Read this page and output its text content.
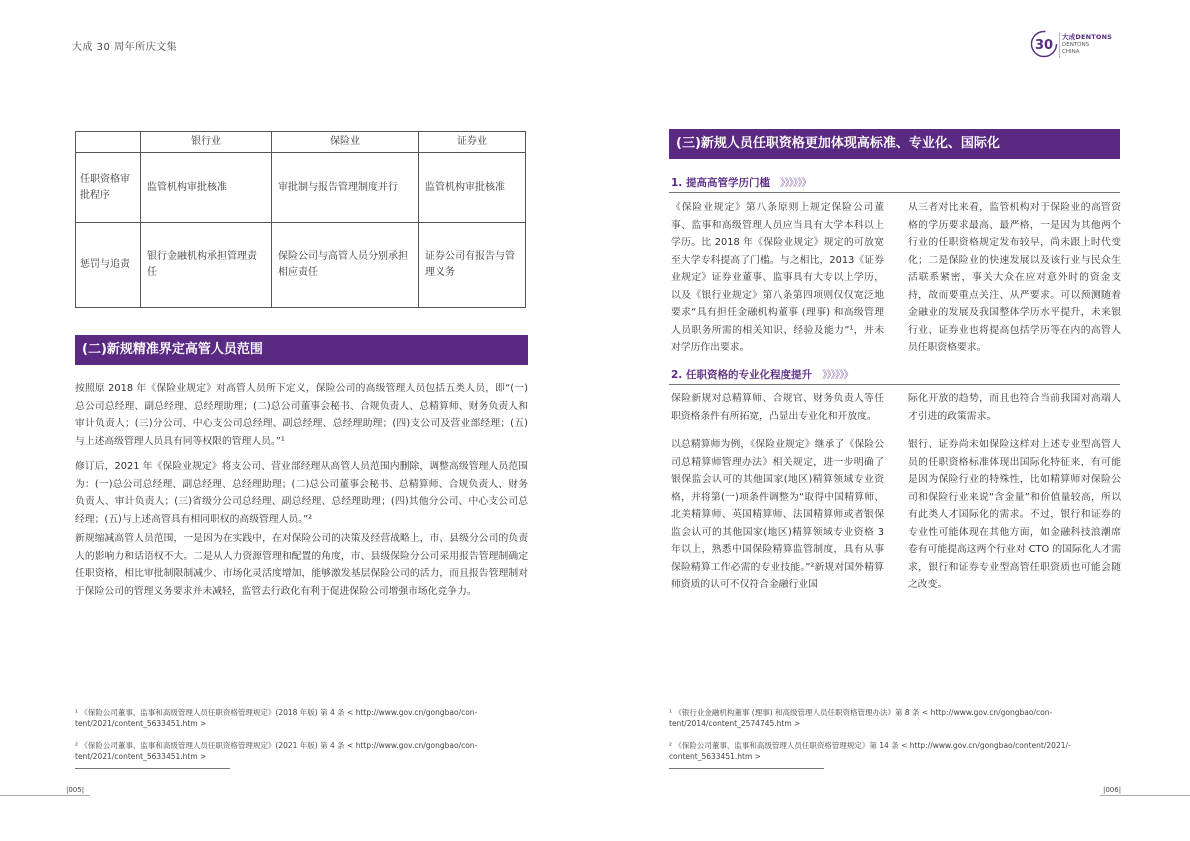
大成 30 周年所庆文集	30
大成DENTONS
DENTONS
CHINA
	银行业	保险业	证券业
任职资格审批程序	监管机构审批核准	审批制与报告管理制度并行	监管机构审批核准
惩罚与追责	银行金融机构承担管理责任	保险公司与高管人员分别承担相应责任	证券公司有报告与管理义务
(二)新规精准界定高管人员范围

按照原 2018 年《保险业规定》对高管人员所下定义，保险公司的高级管理人员包括五类人员，即“(一)总公司总经理、副总经理、总经理助理；(二)总公司董事会秘书、合规负责人、总精算师、财务负责人和审计负责人；(三)分公司、中心支公司总经理、副总经理、总经理助理；(四)支公司及营业部经理；(五)与上述高级管理人员具有同等权限的管理人员。”¹

修订后，2021 年《保险业规定》将支公司、营业部经理从高管人员范围内删除，调整高级管理人员范围为：(一)总公司总经理、副总经理、总经理助理；(二)总公司董事会秘书、总精算师、合规负责人、财务负责人、审计负责人；(三)省级分公司总经理、副总经理、总经理助理；(四)其他分公司、中心支公司总经理；(五)与上述高管具有相同职权的高级管理人员。”²

新规缩减高管人员范围，一是因为在实践中，在对保险公司的决策及经营战略上，市、县级分公司的负责人的影响力和话语权不大。二是从人力资源管理和配置的角度，市、县级保险分公司采用报告管理制确定任职资格，相比审批制限制减少、市场化灵活度增加，能够激发基层保险公司的活力，而且报告管理制对于保险公司的管理义务要求并未减轻，监管去行政化有利于促进保险公司增强市场化竞争力。

¹ 《保险公司董事、监事和高级管理人员任职资格管理规定》(2018 年版) 第 4 条 < http://www.gov.cn/gongbao/con-
tent/2021/content_5633451.htm >
² 《保险公司董事、监事和高级管理人员任职资格管理规定》(2021 年版) 第 4 条 < http://www.gov.cn/gongbao/con-
tent/2021/content_5633451.htm >
|005|
(三)新规人员任职资格更加体现高标准、专业化、国际化
1. 提高高管学历门槛 》》》》》》

《保险业规定》第八条原则上规定保险公司董事、监事和高级管理人员应当具有大学本科以上学历。比 2018 年《保险业规定》规定的可放宽至大学专科提高了门槛。与之相比，2013《证券业规定》证券业董事、监事具有大专以上学历，以及《银行业规定》第八条第四项则仅仅宽泛地要求“具有担任金融机构董事 (理事) 和高级管理人员职务所需的相关知识、经验及能力”¹，并未对学历作出要求。

从三者对比来看，监管机构对于保险业的高管资格的学历要求最高、最严格，一是因为其他两个行业的任职资格规定发布较早，尚未跟上时代变化；二是保险业的快速发展以及该行业与民众生活联系紧密，事关大众在应对意外时的资金支持，故而要重点关注、从严要求。可以预测随着金融业的发展及我国整体学历水平提升，未来银行业、证券业也将提高包括学历等在内的高管人员任职资格要求。

2. 任职资格的专业化程度提升 》》》》》》

保险新规对总精算师、合规官、财务负责人等任职资格条件有所拓宽，凸显出专业化和开放度。

际化开放的趋势，而且也符合当前我国对高端人才引进的政策需求。

以总精算师为例，《保险业规定》继承了《保险公司总精算师管理办法》相关规定，进一步明确了银保监会认可的其他国家(地区)精算领域专业资格，并将第(一)项条件调整为“取得中国精算师、北美精算师、英国精算师、法国精算师或者银保监会认可的其他国家(地区)精算领域专业资格 3 年以上，熟悉中国保险精算监管制度，具有从事保险精算工作必需的专业技能。”²新规对国外精算师资质的认可不仅符合金融行业国

银行、证券尚未如保险这样对上述专业型高管人员的任职资格标准体现出国际化特征来，有可能是因为保险行业的特殊性，比如精算师对保险公司和保险行业来说“含金量”和价值量较高，所以有此类人才国际化的需求。不过，银行和证券的专业性可能体现在其他方面，如金融科技浪潮席卷有可能提高这两个行业对 CTO 的国际化人才需求，银行和证券专业型高管任职资质也可能会随之改变。

¹ 《银行业金融机构董事 (理事) 和高级管理人员任职资格管理办法》第 8 条 < http://www.gov.cn/gongbao/con-
tent/2014/content_2574745.htm >
² 《保险公司董事、监事和高级管理人员任职资格管理规定》第 14 条 < http://www.gov.cn/gongbao/content/2021/-
content_5633451.htm >
|006|
